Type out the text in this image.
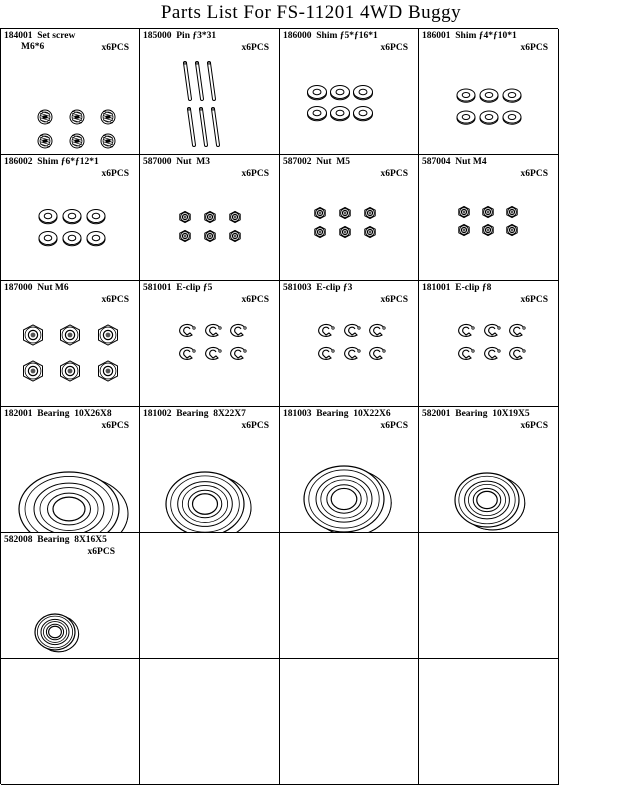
Parts List For FS-11201 4WD Buggy
184001  Set screw
M6*6	x6PCS
185000  Pin ƒ3*31
x6PCS
186000  Shim ƒ5*ƒ16*1
x6PCS
186001  Shim ƒ4*ƒ10*1
x6PCS
186002  Shim ƒ6*ƒ12*1
x6PCS
587000  Nut  M3
x6PCS
587002  Nut  M5
x6PCS
587004  Nut M4
x6PCS
187000  Nut M6
x6PCS
581001  E-clip ƒ5
x6PCS
581003  E-clip ƒ3
x6PCS
181001  E-clip ƒ8
x6PCS
182001  Bearing  10X26X8
x6PCS
181002  Bearing  8X22X7
x6PCS
181003  Bearing  10X22X6
x6PCS
582001  Bearing  10X19X5
x6PCS
582008  Bearing  8X16X5
x6PCS
